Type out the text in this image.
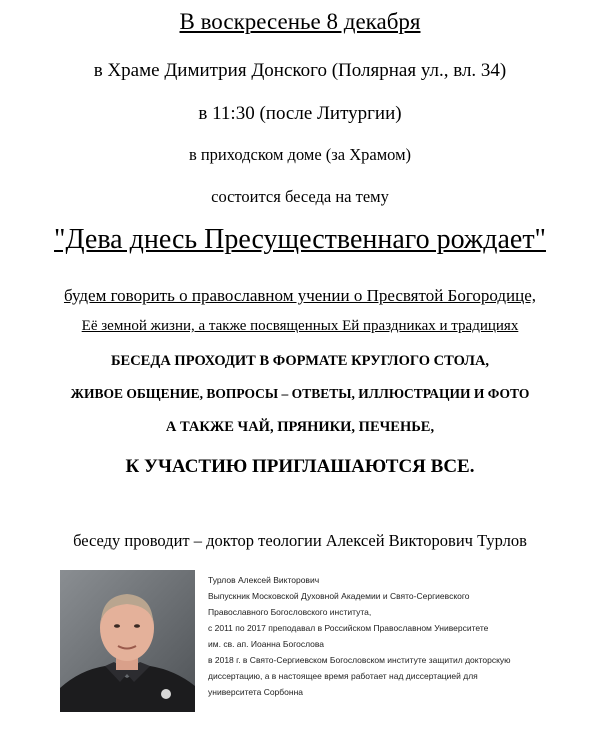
В воскресенье 8 декабря
в Храме Димитрия Донского (Полярная ул., вл. 34)
в 11:30 (после Литургии)
в приходском доме (за Храмом)
состоится беседа на тему
"Дева днесь Пресущественнаго рождает"
будем говорить о православном учении о Пресвятой Богородице,
Её земной жизни, а также посвященных Ей праздниках и традициях
БЕСЕДА ПРОХОДИТ В ФОРМАТЕ КРУГЛОГО СТОЛА,
ЖИВОЕ ОБЩЕНИЕ, ВОПРОСЫ – ОТВЕТЫ, ИЛЛЮСТРАЦИИ И ФОТО
А ТАКЖЕ ЧАЙ, ПРЯНИКИ, ПЕЧЕНЬЕ,
К УЧАСТИЮ ПРИГЛАШАЮТСЯ ВСЕ.
беседу проводит – доктор теологии Алексей Викторович Турлов
Турлов Алексей Викторович
Выпускник Московской Духовной Академии и Свято-Сергиевского
Православного Богословского института,
с 2011 по 2017 преподавал в Российском Православном Университете
им. св. ап. Иоанна Богослова
в 2018 г. в Свято-Сергиевском Богословском институте защитил докторскую
диссертацию, а в настоящее время работает над диссертацией для
университета Сорбонна
